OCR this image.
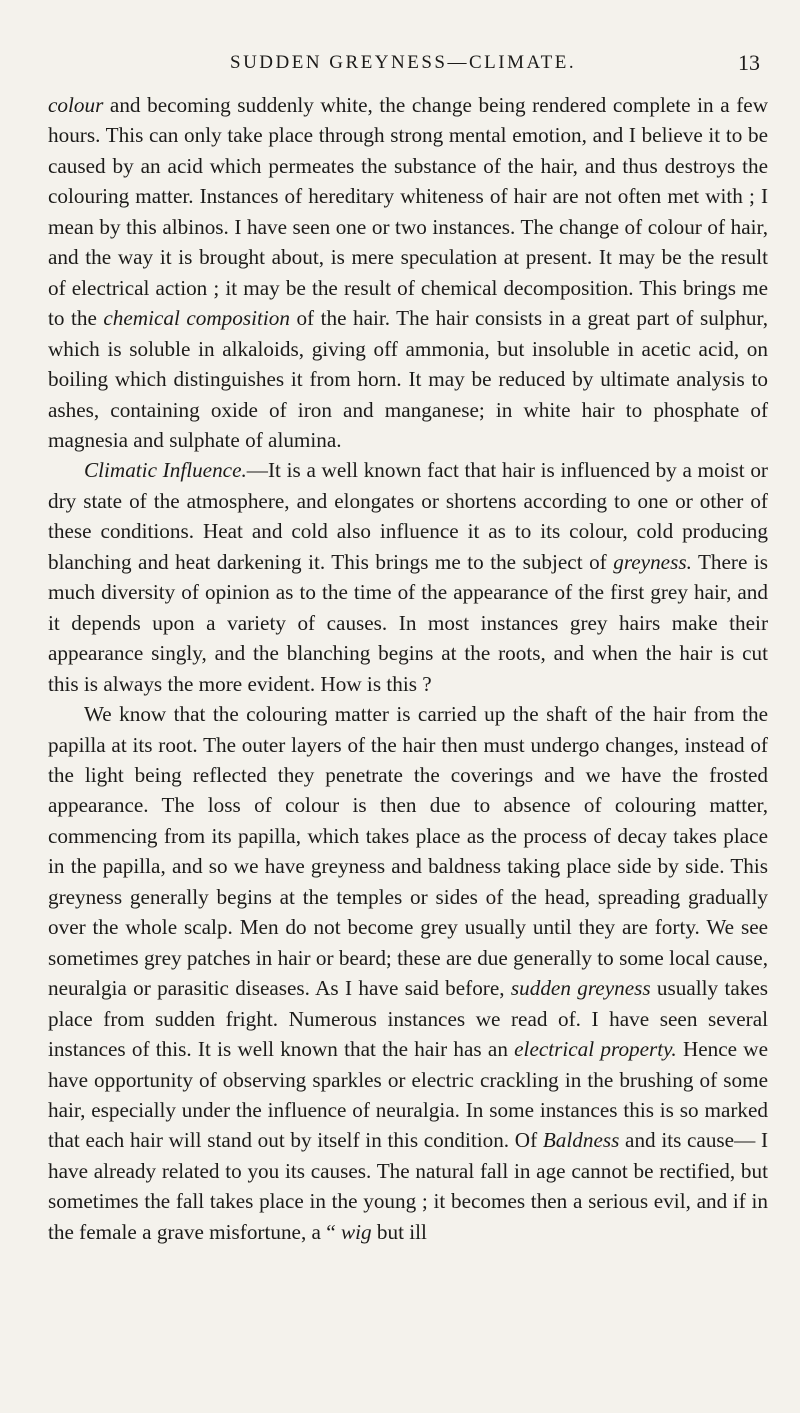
SUDDEN GREYNESS—CLIMATE.	13

colour and becoming suddenly white, the change being rendered complete in a few hours. This can only take place through strong mental emotion, and I believe it to be caused by an acid which permeates the substance of the hair, and thus destroys the colouring matter. Instances of hereditary whiteness of hair are not often met with ; I mean by this albinos. I have seen one or two instances. The change of colour of hair, and the way it is brought about, is mere speculation at present. It may be the result of electrical action ; it may be the result of chemical decomposition. This brings me to the chemical composition of the hair. The hair consists in a great part of sulphur, which is soluble in alkaloids, giving off ammonia, but insoluble in acetic acid, on boiling which distinguishes it from horn. It may be reduced by ultimate analysis to ashes, containing oxide of iron and manganese; in white hair to phosphate of magnesia and sulphate of alumina.

Climatic Influence.—It is a well known fact that hair is influenced by a moist or dry state of the atmosphere, and elongates or shortens according to one or other of these conditions. Heat and cold also influence it as to its colour, cold producing blanching and heat darkening it. This brings me to the subject of greyness. There is much diversity of opinion as to the time of the appearance of the first grey hair, and it depends upon a variety of causes. In most instances grey hairs make their appearance singly, and the blanching begins at the roots, and when the hair is cut this is always the more evident. How is this ?

We know that the colouring matter is carried up the shaft of the hair from the papilla at its root. The outer layers of the hair then must undergo changes, instead of the light being reflected they penetrate the coverings and we have the frosted appearance. The loss of colour is then due to absence of colouring matter, commencing from its papilla, which takes place as the process of decay takes place in the papilla, and so we have greyness and baldness taking place side by side. This greyness generally begins at the temples or sides of the head, spreading gradually over the whole scalp. Men do not become grey usually until they are forty. We see sometimes grey patches in hair or beard; these are due generally to some local cause, neuralgia or parasitic diseases. As I have said before, sudden greyness usually takes place from sudden fright. Numerous instances we read of. I have seen several instances of this. It is well known that the hair has an electrical property. Hence we have opportunity of observing sparkles or electric crackling in the brushing of some hair, especially under the influence of neuralgia. In some instances this is so marked that each hair will stand out by itself in this condition. Of Baldness and its cause— I have already related to you its causes. The natural fall in age cannot be rectified, but sometimes the fall takes place in the young ; it becomes then a serious evil, and if in the female a grave misfortune, a “ wig but ill
